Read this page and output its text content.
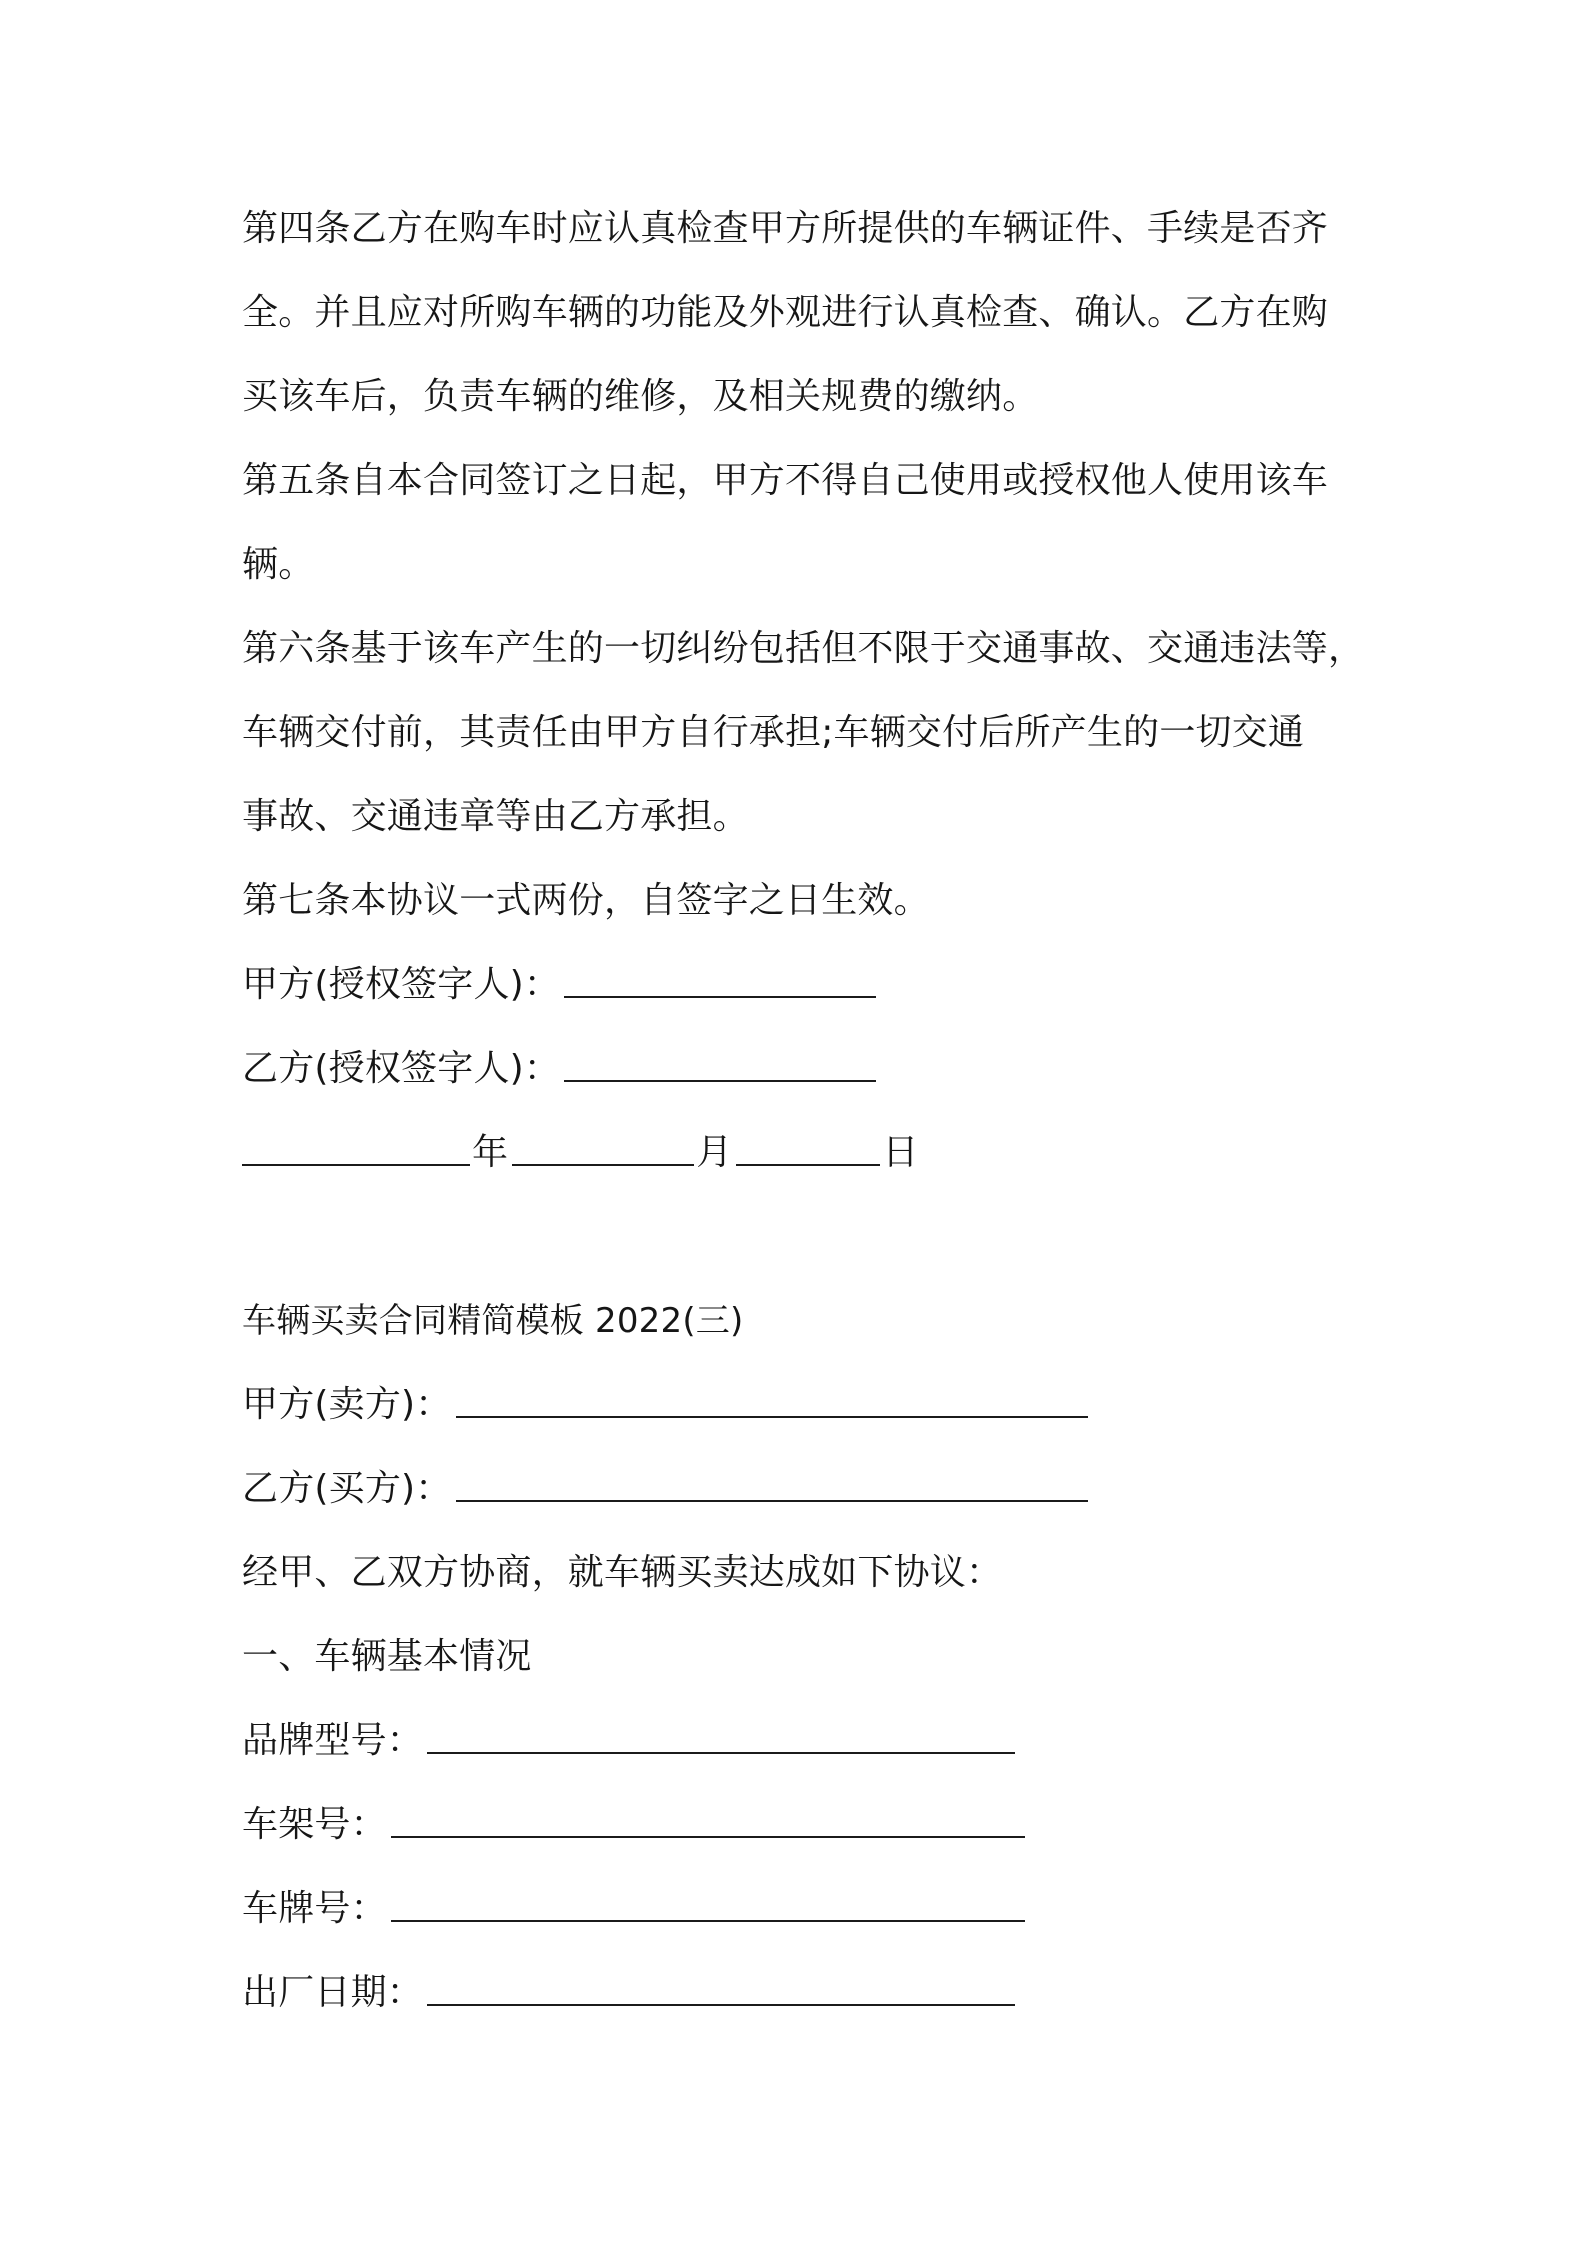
第四条乙方在购车时应认真检查甲方所提供的车辆证件、手续是否齐
全。并且应对所购车辆的功能及外观进行认真检查、确认。乙方在购
买该车后，负责车辆的维修，及相关规费的缴纳。
第五条自本合同签订之日起，甲方不得自己使用或授权他人使用该车
辆。
第六条基于该车产生的一切纠纷包括但不限于交通事故、交通违法等，
车辆交付前，其责任由甲方自行承担;车辆交付后所产生的一切交通
事故、交通违章等由乙方承担。
第七条本协议一式两份，自签字之日生效。
甲方(授权签字人)：
乙方(授权签字人)：
年	月	日
车辆买卖合同精简模板 2022(三)
甲方(卖方)：
乙方(买方)：
经甲、乙双方协商，就车辆买卖达成如下协议：
一、车辆基本情况
品牌型号：
车架号：
车牌号：
出厂日期：
